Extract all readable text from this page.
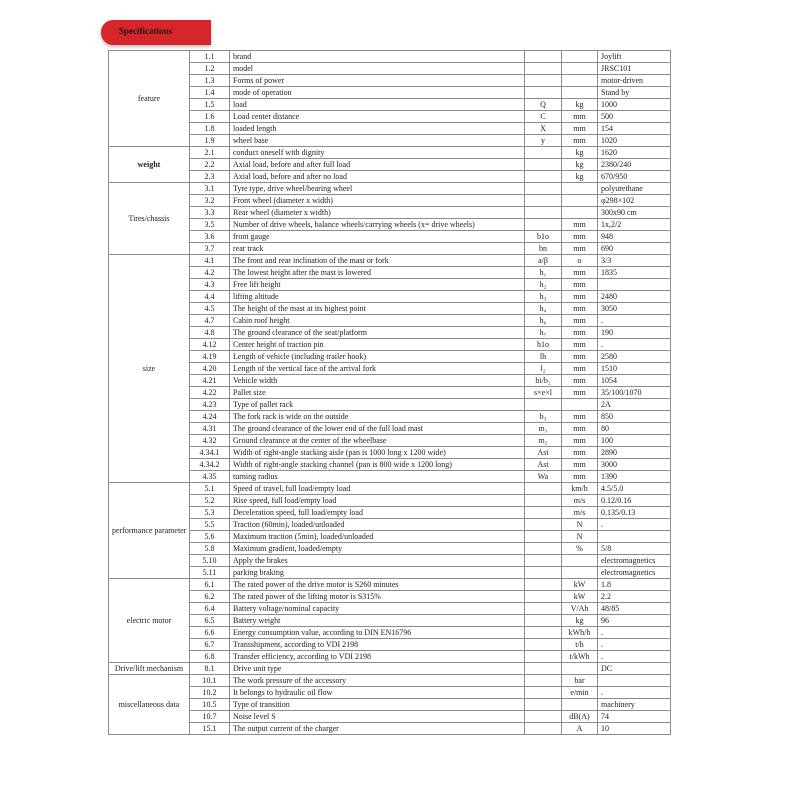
Specifications
feature	1.1	brand			Joylift
	1.2	model			JRSC101
	1.3	Forms of power			motor-driven
	1.4	mode of operation			Stand by
	1.5	load	Q	kg	1000
	1.6	Load center distance	C	mm	500
	1.8	loaded length	X	mm	154
	1.9	wheel base	y	mm	1020
weight	2.1	conduct oneself with dignity		kg	1620
	2.2	Axial load, before and after full load		kg	2380/240
	2.3	Axial load, before and after no load		kg	670/950
Tires/chassis	3.1	Tyre type, drive wheel/bearing wheel			polyurethane
	3.2	Front wheel (diameter x width)			φ298×102
	3.3	Rear wheel (diameter x width)			300x90 cm
	3.5	Number of drive wheels, balance wheels/carrying wheels (x= drive wheels)		mm	1x,2/2
	3.6	front gauge	b1o	mm	948
	3.7	rear track	bn	mm	690
size	4.1	The front and rear inclination of the mast or fork	a/β	o	3/3
	4.2	The lowest height after the mast is lowered	h₁	mm	1835
	4.3	Free lift height	h₂	mm	
	4.4	lifting altitude	h₃	mm	2480
	4.5	The height of the mast at its highest point	h₄	mm	3050
	4.7	Cabin roof height	h₆	mm	.
	4.8	The ground clearance of the seat/platform	h₇	mm	190
	4.12	Center height of traction pin	h1o	mm	.
	4.19	Length of vehicle (including trailer hook)	lh	mm	2580
	4.20	Length of the vertical face of the arrival fork	l₂	mm	1510
	4.21	Vehicle width	bi/b₂	mm	1054
	4.22	Pallet size	s×e×l	mm	35/100/1070
	4.23	Type of pallet rack			2A
	4.24	The fork rack is wide on the outside	b₃	mm	850
	4.31	The ground clearance of the lower end of the full load mast	m₁	mm	80
	4.32	Ground clearance at the center of the wheelbase	m₂	mm	100
	4.34.1	Width of right-angle stacking aisle (pan is 1000 long x 1200 wide)	Ast	mm	2890
	4.34.2	Width of right-angle stacking channel (pan is 800 wide x 1200 long)	Ast	mm	3000
	4.35	turning radius	Wa	mm	1390
performance parameter	5.1	Speed of travel, full load/empty load		km/h	4.5/5.0
	5.2	Rise speed, full load/empty load		m/s	0.12/0.16
	5.3	Deceleration speed, full load/empty load		m/s	0.135/0.13
	5.5	Traction (60min), loaded/unloaded		N	.
	5.6	Maximum traction (5min), loaded/unloaded		N	
	5.8	Maximum gradient, loaded/empty		%	5/8
	5.10	Apply the brakes			electromagnetics
	5.11	parking braking			electromagnetics
electric motor	6.1	The rated power of the drive motor is S260 minutes		kW	1.8
	6.2	The rated power of the lifting motor is S315%		kW	2.2
	6.4	Battery voltage/nominal capacity		V/Ah	48/85
	6.5	Battery weight		kg	96
	6.6	Energy consumption value, according to DIN EN16796		kWh/h	.
	6.7	Transshipment, according to VDI 2198		t/h	.
	6.8	Transfer efficiency, according to VDI 2198		t/kWh	.
Drive/lift mechanism	8.1	Drive unit type			DC
miscellaneous data	10.1	The work pressure of the accessory		bar	
	10.2	It belongs to hydraulic oil flow		e/min	.
	10.5	Type of transition			machinery
	10.7	Noise level S		dB(A)	74
	15.1	The output current of the charger		A	10
